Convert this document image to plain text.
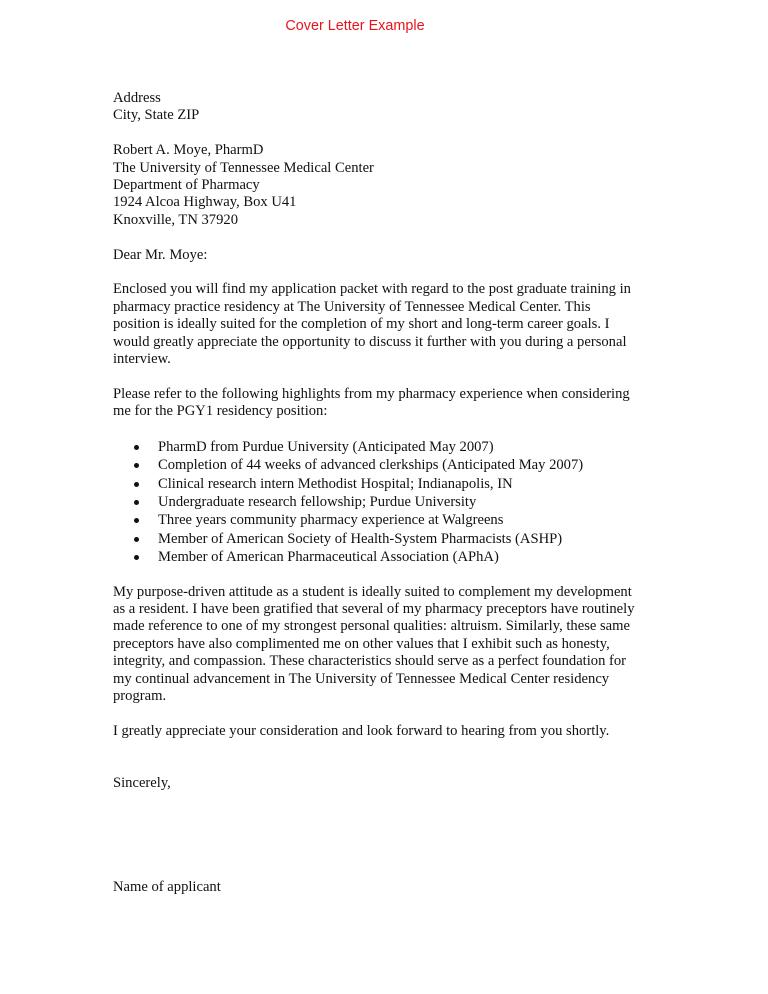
Cover Letter Example
Address
City, State ZIP
Robert A. Moye, PharmD
The University of Tennessee Medical Center
Department of Pharmacy
1924 Alcoa Highway, Box U41
Knoxville, TN 37920
Dear Mr. Moye:
Enclosed you will find my application packet with regard to the post graduate training in
pharmacy practice residency at The University of Tennessee Medical Center. This
position is ideally suited for the completion of my short and long-term career goals. I
would greatly appreciate the opportunity to discuss it further with you during a personal
interview.
Please refer to the following highlights from my pharmacy experience when considering
me for the PGY1 residency position:
PharmD from Purdue University (Anticipated May 2007)
Completion of 44 weeks of advanced clerkships (Anticipated May 2007)
Clinical research intern Methodist Hospital; Indianapolis, IN
Undergraduate research fellowship; Purdue University
Three years community pharmacy experience at Walgreens
Member of American Society of Health-System Pharmacists (ASHP)
Member of American Pharmaceutical Association (APhA)
My purpose-driven attitude as a student is ideally suited to complement my development
as a resident. I have been gratified that several of my pharmacy preceptors have routinely
made reference to one of my strongest personal qualities: altruism. Similarly, these same
preceptors have also complimented me on other values that I exhibit such as honesty,
integrity, and compassion. These characteristics should serve as a perfect foundation for
my continual advancement in The University of Tennessee Medical Center residency
program.
I greatly appreciate your consideration and look forward to hearing from you shortly.
Sincerely,
Name of applicant
